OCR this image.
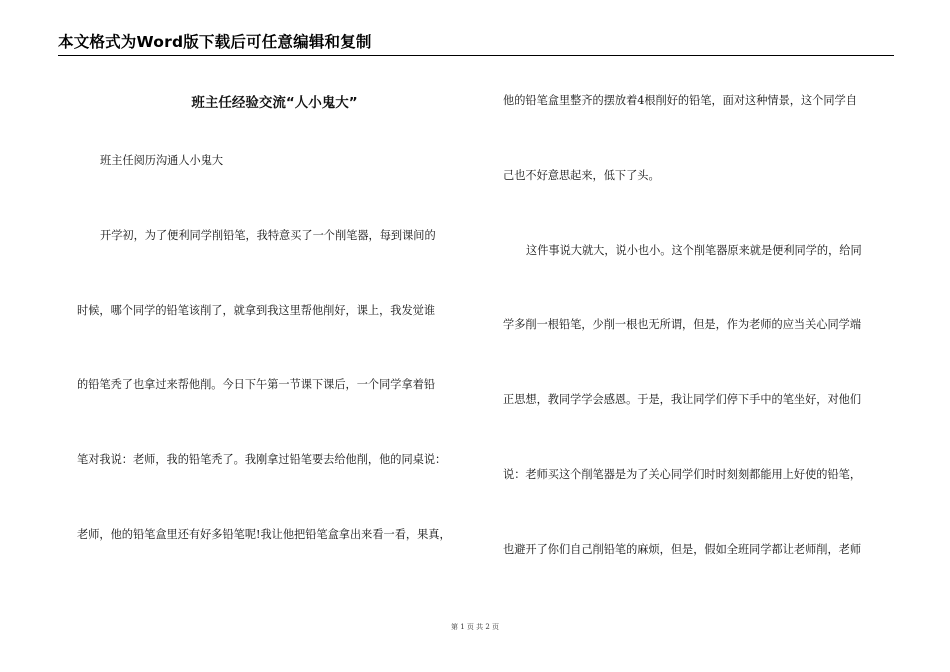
本文格式为Word版下载后可任意编辑和复制
班主任经验交流“人小鬼大”
班主任阅历沟通人小鬼大
开学初，为了便利同学削铅笔，我特意买了一个削笔器，每到课间的
时候，哪个同学的铅笔该削了，就拿到我这里帮他削好，课上，我发觉谁
的铅笔秃了也拿过来帮他削。今日下午第一节课下课后，一个同学拿着铅
笔对我说：老师，我的铅笔秃了。我刚拿过铅笔要去给他削，他的同桌说：
老师，他的铅笔盒里还有好多铅笔呢!我让他把铅笔盒拿出来看一看，果真，
他的铅笔盒里整齐的摆放着4根削好的铅笔，面对这种情景，这个同学自
己也不好意思起来，低下了头。
这件事说大就大，说小也小。这个削笔器原来就是便利同学的，给同
学多削一根铅笔，少削一根也无所谓，但是，作为老师的应当关心同学端
正思想，教同学学会感恩。于是，我让同学们停下手中的笔坐好，对他们
说：老师买这个削笔器是为了关心同学们时时刻刻都能用上好使的铅笔，
也避开了你们自己削铅笔的麻烦，但是，假如全班同学都让老师削，老师
第 1 页 共 2 页
